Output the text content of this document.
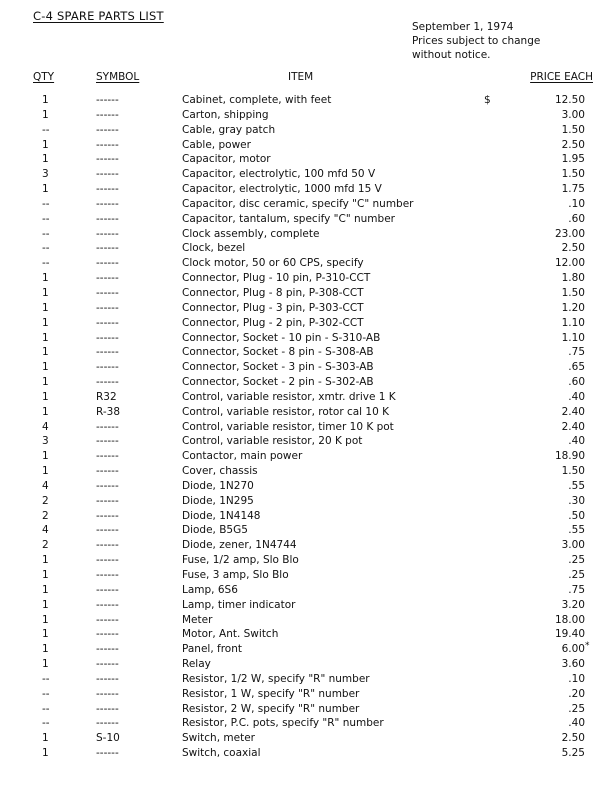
C-4 SPARE PARTS LIST
September 1, 1974
Prices subject to change
without notice.
QTY	SYMBOL	ITEM	PRICE EACH
1	------	Cabinet, complete, with feet	$	12.50
1	------	Carton, shipping	3.00
--	------	Cable, gray patch	1.50
1	------	Cable, power	2.50
1	------	Capacitor, motor	1.95
3	------	Capacitor, electrolytic, 100 mfd 50 V	1.50
1	------	Capacitor, electrolytic, 1000 mfd 15 V	1.75
--	------	Capacitor, disc ceramic, specify "C" number	.10
--	------	Capacitor, tantalum, specify "C" number	.60
--	------	Clock assembly, complete	23.00
--	------	Clock, bezel	2.50
--	------	Clock motor, 50 or 60 CPS, specify	12.00
1	------	Connector, Plug - 10 pin, P-310-CCT	1.80
1	------	Connector, Plug - 8 pin, P-308-CCT	1.50
1	------	Connector, Plug - 3 pin, P-303-CCT	1.20
1	------	Connector, Plug - 2 pin, P-302-CCT	1.10
1	------	Connector, Socket - 10 pin - S-310-AB	1.10
1	------	Connector, Socket - 8 pin - S-308-AB	.75
1	------	Connector, Socket - 3 pin - S-303-AB	.65
1	------	Connector, Socket - 2 pin - S-302-AB	.60
1	R32	Control, variable resistor, xmtr. drive 1 K	.40
1	R-38	Control, variable resistor, rotor cal 10 K	2.40
4	------	Control, variable resistor, timer 10 K pot	2.40
3	------	Control, variable resistor, 20 K pot	.40
1	------	Contactor, main power	18.90
1	------	Cover, chassis	1.50
4	------	Diode, 1N270	.55
2	------	Diode, 1N295	.30
2	------	Diode, 1N4148	.50
4	------	Diode, B5G5	.55
2	------	Diode, zener, 1N4744	3.00
1	------	Fuse, 1/2 amp, Slo Blo	.25
1	------	Fuse, 3 amp, Slo Blo	.25
1	------	Lamp, 6S6	.75
1	------	Lamp, timer indicator	3.20
1	------	Meter	18.00
1	------	Motor, Ant. Switch	19.40
1	------	Panel, front	6.00 *
1	------	Relay	3.60
--	------	Resistor, 1/2 W, specify "R" number	.10
--	------	Resistor, 1 W, specify "R" number	.20
--	------	Resistor, 2 W, specify "R" number	.25
--	------	Resistor, P.C. pots, specify "R" number	.40
1	S-10	Switch, meter	2.50
1	------	Switch, coaxial	5.25
